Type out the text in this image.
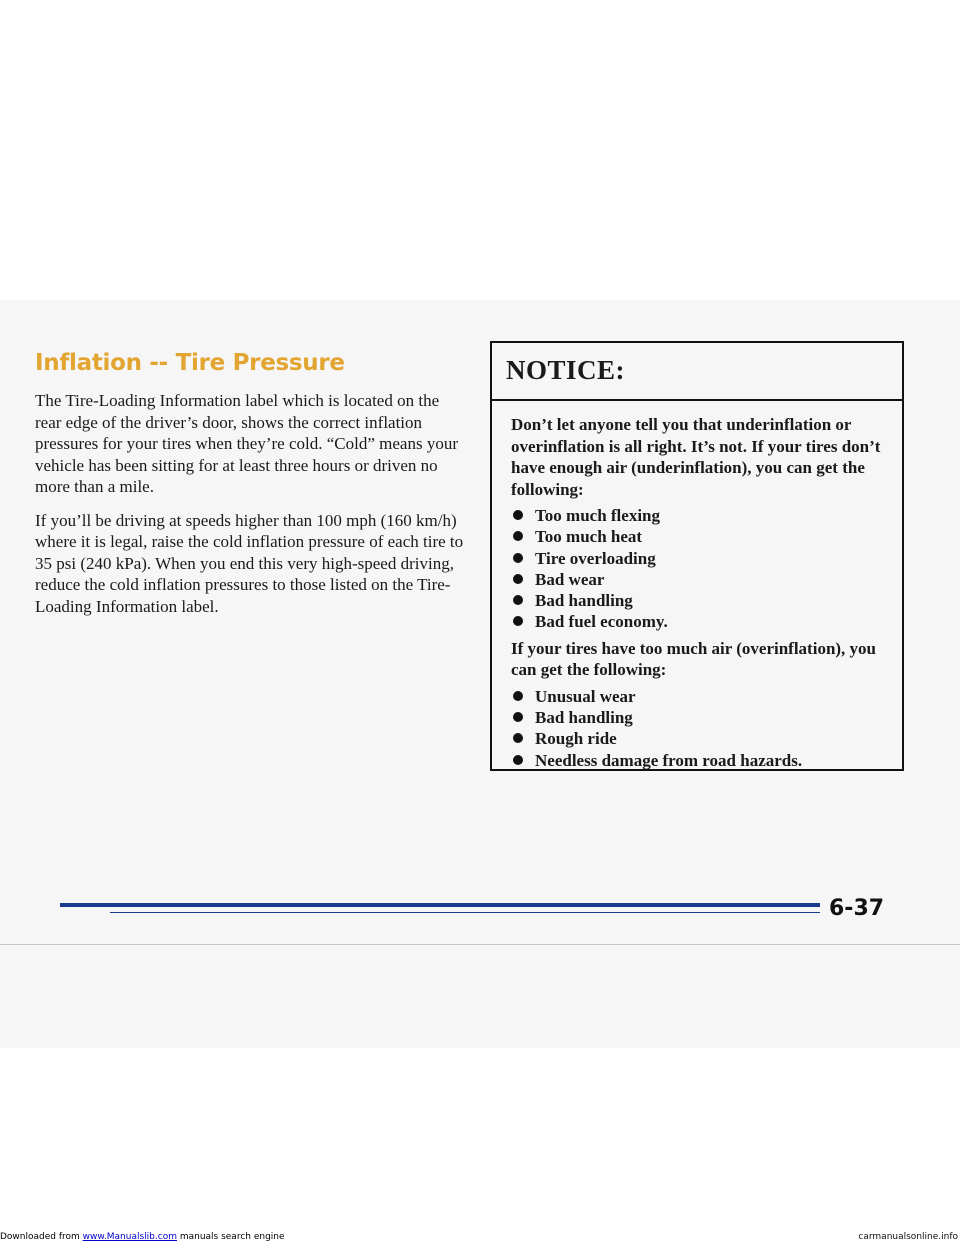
Inflation -- Tire Pressure

The Tire-Loading Information label which is located on the rear edge of the driver’s door, shows the correct inflation pressures for your tires when they’re cold. “Cold” means your vehicle has been sitting for at least three hours or driven no more than a mile.

If you’ll be driving at speeds higher than 100 mph (160 km/h) where it is legal, raise the cold inflation pressure of each tire to 35 psi (240 kPa). When you end this very high-speed driving, reduce the cold inflation pressures to those listed on the Tire-Loading Information label.

NOTICE:

Don’t let anyone tell you that underinflation or overinflation is all right. It’s not. If your tires don’t have enough air (underinflation), you can get the following:

Too much flexing
Too much heat
Tire overloading
Bad wear
Bad handling
Bad fuel economy.

If your tires have too much air (overinflation), you can get the following:

Unusual wear
Bad handling
Rough ride
Needless damage from road hazards.
6-37
Downloaded from www.Manualslib.com manuals search engine	carmanualsonline.info
